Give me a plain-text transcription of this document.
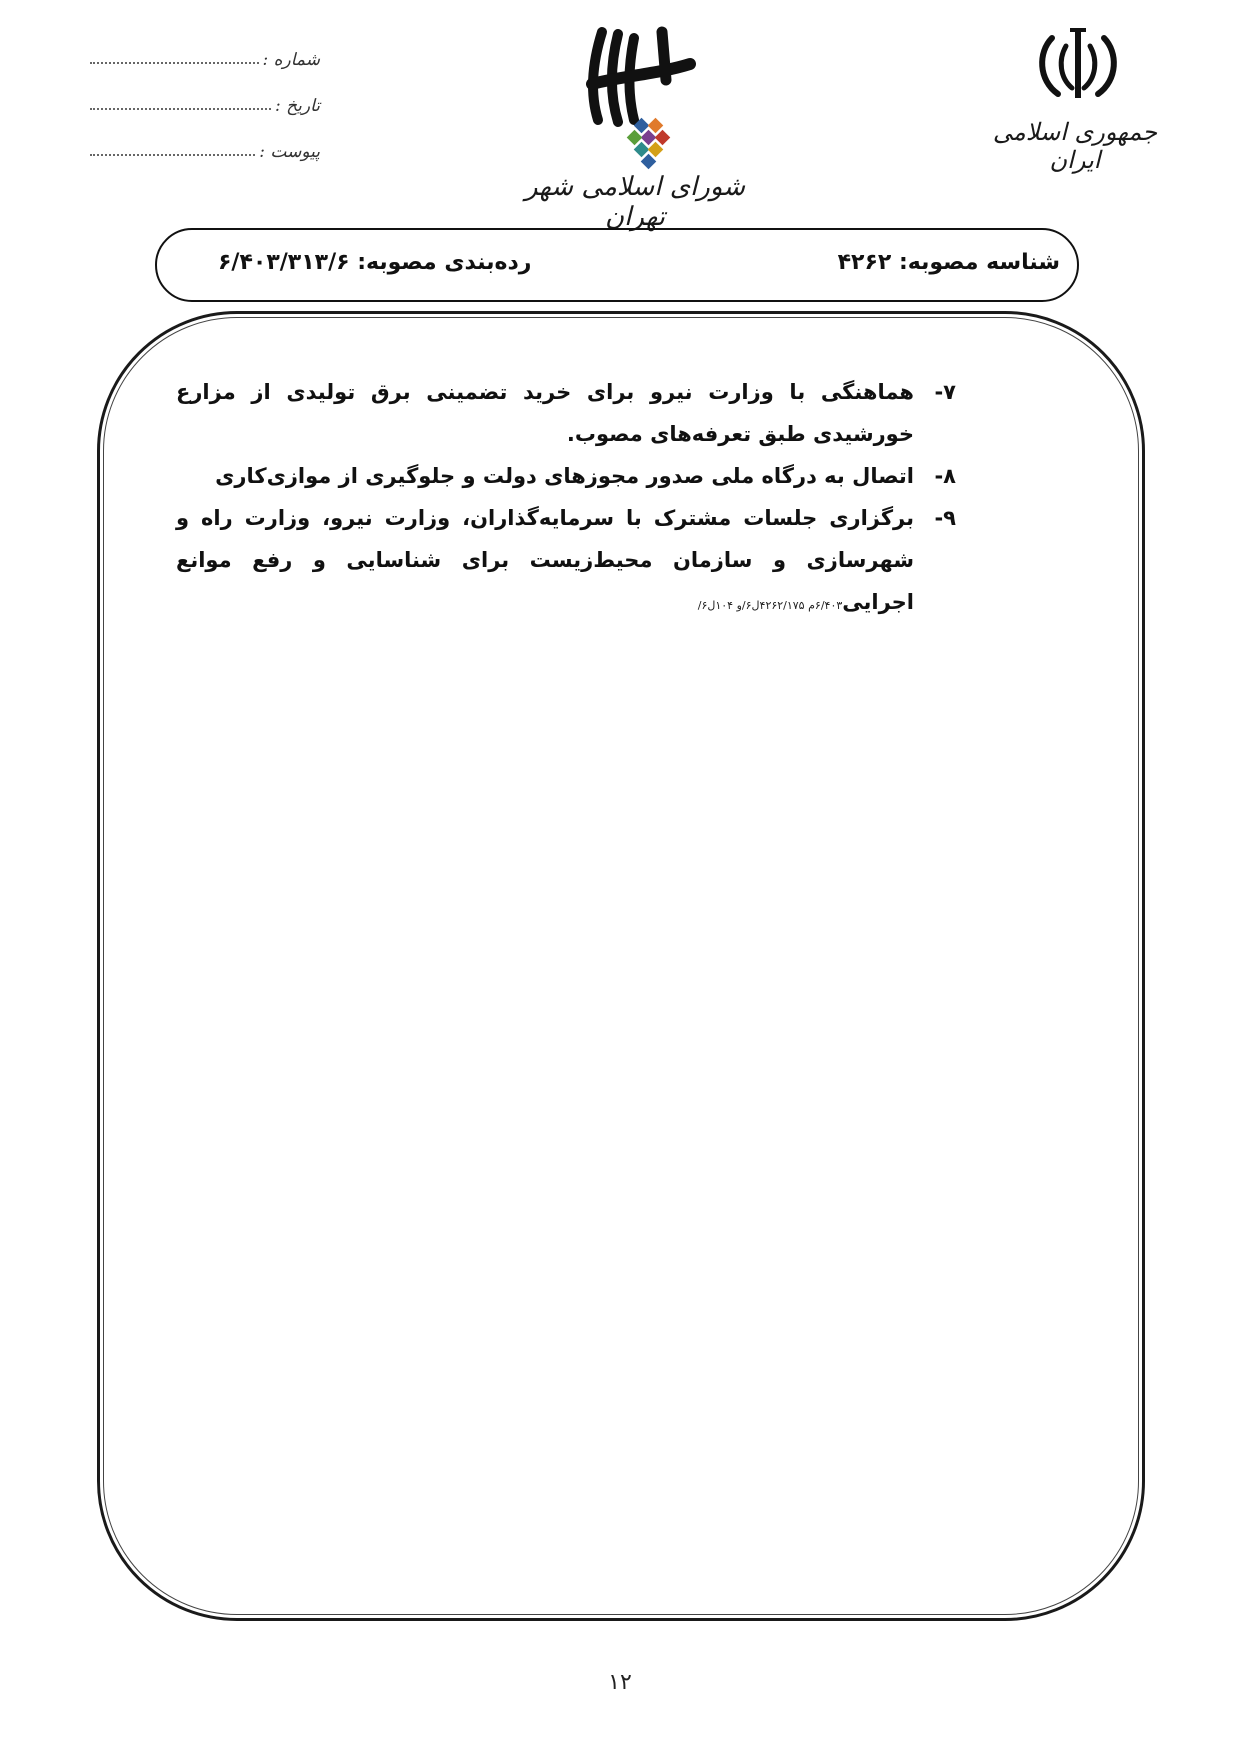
جمهوری اسلامی ایران
شورای اسلامی شهر تهران
شماره :
تاریخ :
پیوست :
شناسه مصوبه: ۴۲۶۲
رده‌بندی مصوبه: ۶/۴۰۳/۳۱۳/۶
۷-
هماهنگی با وزارت نیرو برای خرید تضمینی برق تولیدی از مزارع خورشیدی طبق تعرفه‌های مصوب.
۸-
اتصال به درگاه ملی صدور مجوزهای دولت و جلوگیری از موازی‌کاری
۹-
برگزاری جلسات مشترک با سرمایه‌گذاران، وزارت نیرو، وزارت راه و شهرسازی و سازمان محیط‌زیست برای شناسایی و رفع موانع اجرایی۶/۴۰۳م ۴۲۶۲/۱۷۵ل۶/و ۱۰۴ل۶/
۱۲
